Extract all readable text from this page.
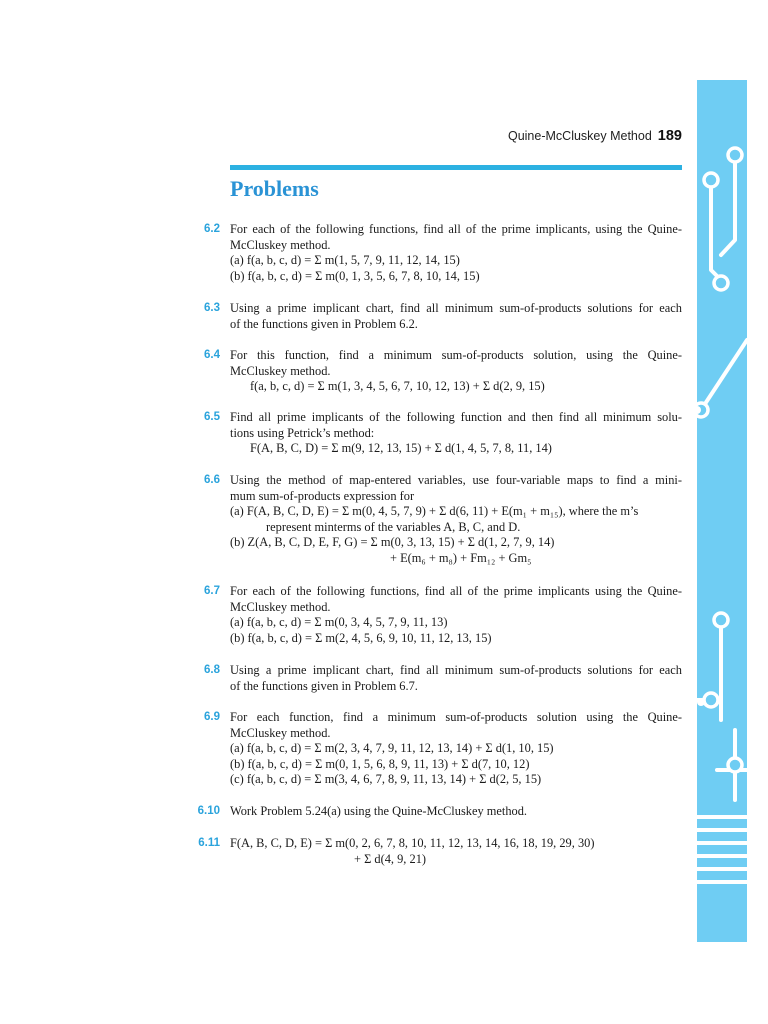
Quine-McCluskey Method 189
Problems
6.2 For each of the following functions, find all of the prime implicants, using the Quine-
McCluskey method.
(a) f(a, b, c, d) = Σ m(1, 5, 7, 9, 11, 12, 14, 15)
(b) f(a, b, c, d) = Σ m(0, 1, 3, 5, 6, 7, 8, 10, 14, 15)
6.3 Using a prime implicant chart, find all minimum sum-of-products solutions for each
of the functions given in Problem 6.2.
6.4 For this function, find a minimum sum-of-products solution, using the Quine-
McCluskey method.
f(a, b, c, d) = Σ m(1, 3, 4, 5, 6, 7, 10, 12, 13) + Σ d(2, 9, 15)
6.5 Find all prime implicants of the following function and then find all minimum solu-
tions using Petrick’s method:
F(A, B, C, D) = Σ m(9, 12, 13, 15) + Σ d(1, 4, 5, 7, 8, 11, 14)
6.6 Using the method of map-entered variables, use four-variable maps to find a mini-
mum sum-of-products expression for
(a) F(A, B, C, D, E) = Σ m(0, 4, 5, 7, 9) + Σ d(6, 11) + E(m₁ + m₁₅), where the m’s
represent minterms of the variables A, B, C, and D.
(b) Z(A, B, C, D, E, F, G) = Σ m(0, 3, 13, 15) + Σ d(1, 2, 7, 9, 14)
+ E(m₆ + m₈) + Fm₁₂ + Gm₅
6.7 For each of the following functions, find all of the prime implicants using the Quine-
McCluskey method.
(a) f(a, b, c, d) = Σ m(0, 3, 4, 5, 7, 9, 11, 13)
(b) f(a, b, c, d) = Σ m(2, 4, 5, 6, 9, 10, 11, 12, 13, 15)
6.8 Using a prime implicant chart, find all minimum sum-of-products solutions for each
of the functions given in Problem 6.7.
6.9 For each function, find a minimum sum-of-products solution using the Quine-
McCluskey method.
(a) f(a, b, c, d) = Σ m(2, 3, 4, 7, 9, 11, 12, 13, 14) + Σ d(1, 10, 15)
(b) f(a, b, c, d) = Σ m(0, 1, 5, 6, 8, 9, 11, 13) + Σ d(7, 10, 12)
(c) f(a, b, c, d) = Σ m(3, 4, 6, 7, 8, 9, 11, 13, 14) + Σ d(2, 5, 15)
6.10 Work Problem 5.24(a) using the Quine-McCluskey method.
6.11 F(A, B, C, D, E) = Σ m(0, 2, 6, 7, 8, 10, 11, 12, 13, 14, 16, 18, 19, 29, 30)
+ Σ d(4, 9, 21)
